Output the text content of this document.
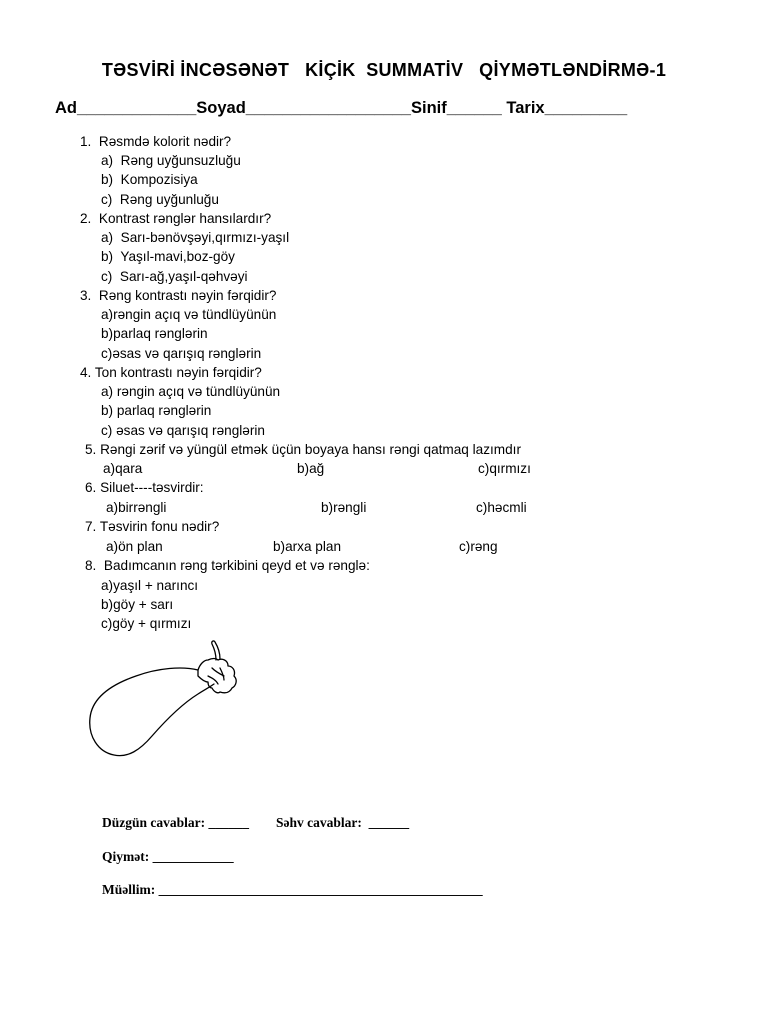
TƏSVİRİ İNCƏSƏNƏT   KİÇİK  SUMMATİV   QİYMƏTLƏNDİRMƏ-1
Ad_____________Soyad__________________Sinif______ Tarix_________
1.  Rəsmdə kolorit nədir?
a)  Rəng uyğunsuzluğu
b)  Kompozisiya
c)  Rəng uyğunluğu
2.  Kontrast rənglər hansılardır?
a)  Sarı-bənövşəyi,qırmızı-yaşıl
b)  Yaşıl-mavi,boz-göy
c)  Sarı-ağ,yaşıl-qəhvəyi
3.  Rəng kontrastı nəyin fərqidir?
a)rəngin açıq və tündlüyünün
b)parlaq rənglərin
c)əsas və qarışıq rənglərin
4. Ton kontrastı nəyin fərqidir?
a) rəngin açıq və tündlüyünün
b) parlaq rənglərin
c) əsas və qarışıq rənglərin
5. Rəngi zərif və yüngül etmək üçün boyaya hansı rəngi qatmaq lazımdır
a)qara	b)ağ	c)qırmızı
6. Siluet----təsvirdir:
a)birrəngli	b)rəngli	c)həcmli
7. Təsvirin fonu nədir?
a)ön plan	b)arxa plan	c)rəng
8.  Badımcanın rəng tərkibini qeyd et və rənglə:
a)yaşıl + narıncı
b)göy + sarı
c)göy + qırmızı
Düzgün cavablar: ______ Səhv cavablar:  ______
Qiymət: ____________
Müəllim: ________________________________________________
